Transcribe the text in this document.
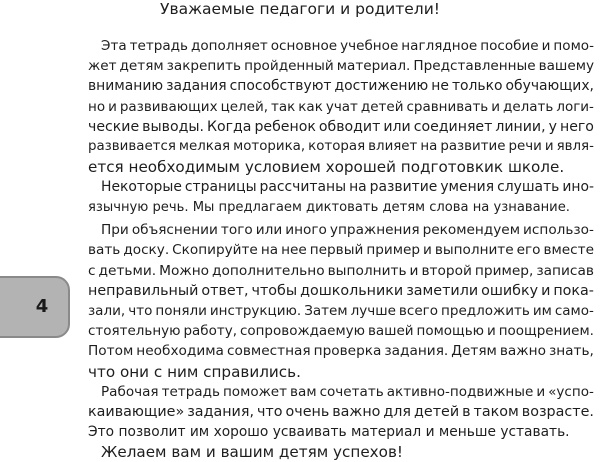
Уважаемые педагоги и родители!
Эта тетрадь дополняет основное учебное наглядное пособие и помо-
жет детям закрепить пройденный материал. Представленные вашему
вниманию задания способствуют достижению не только обучающих,
но и развивающих целей, так как учат детей сравнивать и делать логи-
ческие выводы. Когда ребенок обводит или соединяет линии, у него
развивается мелкая моторика, которая влияет на развитие речи и явля-
ется необходимым условием хорошей подготовкик школе.
Некоторые страницы рассчитаны на развитие умения слушать ино-
язычную речь. Мы предлагаем диктовать детям слова на узнавание.
При объяснении того или иного упражнения рекомендуем использо-
вать доску. Скопируйте на нее первый пример и выполните его вместе
с детьми. Можно дополнительно выполнить и второй пример, записав
неправильный ответ, чтобы дошкольники заметили ошибку и пока-
зали, что поняли инструкцию. Затем лучше всего предложить им само-
стоятельную работу, сопровождаемую вашей помощью и поощрением.
Потом необходима совместная проверка задания. Детям важно знать,
что они с ним справились.
Рабочая тетрадь поможет вам сочетать активно-подвижные и «успо-
каивающие» задания, что очень важно для детей в таком возрасте.
Это позволит им хорошо усваивать материал и меньше уставать.
Желаем вам и вашим детям успехов!
4
